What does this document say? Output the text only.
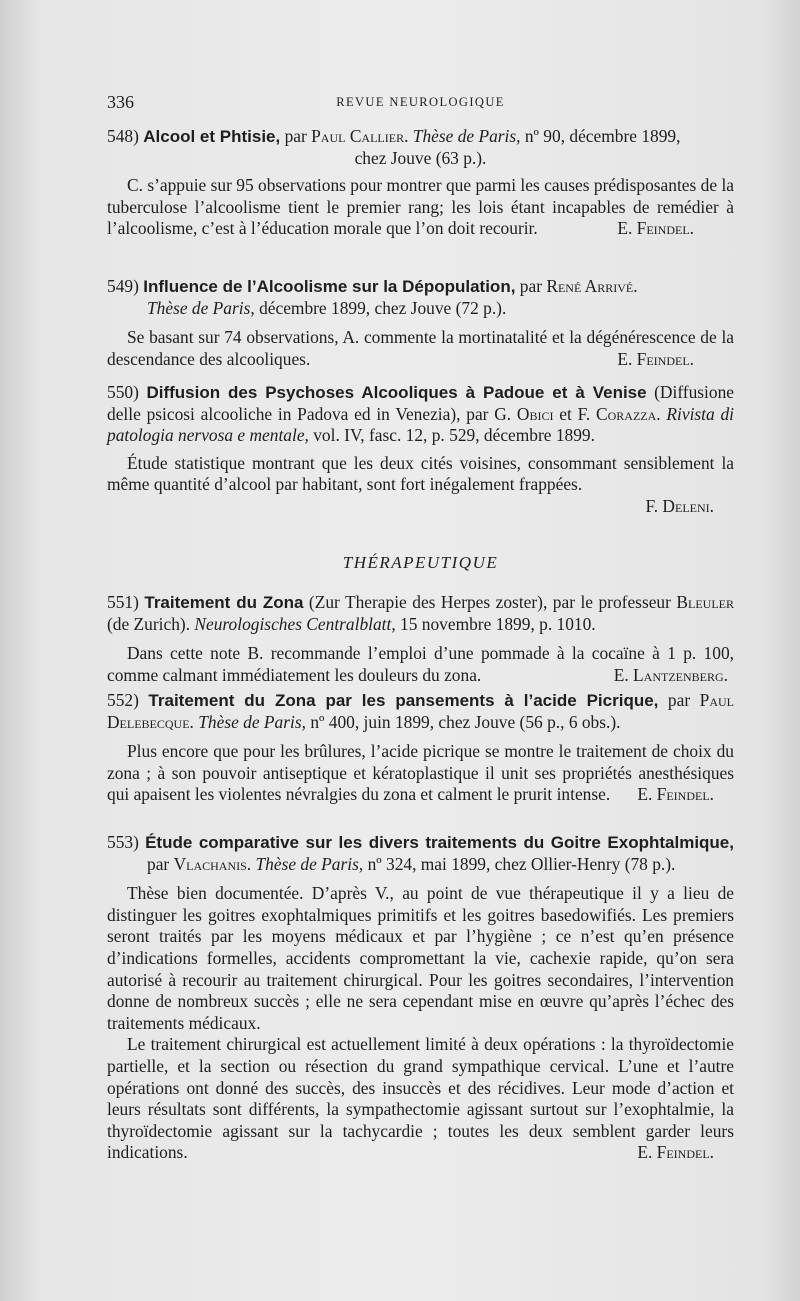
336	REVUE NEUROLOGIQUE

548) Alcool et Phtisie, par Paul Callier. Thèse de Paris, nº 90, décembre 1899,

chez Jouve (63 p.).

C. s’appuie sur 95 observations pour montrer que parmi les causes prédisposantes de la tuberculose l’alcoolisme tient le premier rang; les lois étant incapables de remédier à l’alcoolisme, c’est à l’éducation morale que l’on doit recourir.	E. Feindel.

549) Influence de l’Alcoolisme sur la Dépopulation, par René Arrivé.
Thèse de Paris, décembre 1899, chez Jouve (72 p.).

Se basant sur 74 observations, A. commente la mortinatalité et la dégénérescence de la descendance des alcooliques.	E. Feindel.

550) Diffusion des Psychoses Alcooliques à Padoue et à Venise (Diffusione delle psicosi alcooliche in Padova ed in Venezia), par G. Obici et F. Corazza. Rivista di patologia nervosa e mentale, vol. IV, fasc. 12, p. 529, décembre 1899.

Étude statistique montrant que les deux cités voisines, consommant sensiblement la même quantité d’alcool par habitant, sont fort inégalement frappées.

F. Deleni.

THÉRAPEUTIQUE

551) Traitement du Zona (Zur Therapie des Herpes zoster), par le professeur Bleuler (de Zurich). Neurologisches Centralblatt, 15 novembre 1899, p. 1010.

Dans cette note B. recommande l’emploi d’une pommade à la cocaïne à 1 p. 100, comme calmant immédiatement les douleurs du zona.	E. Lantzenberg.

552) Traitement du Zona par les pansements à l’acide Picrique, par Paul Delebecque. Thèse de Paris, nº 400, juin 1899, chez Jouve (56 p., 6 obs.).

Plus encore que pour les brûlures, l’acide picrique se montre le traitement de choix du zona ; à son pouvoir antiseptique et kératoplastique il unit ses propriétés anesthésiques qui apaisent les violentes névralgies du zona et calment le prurit intense.	E. Feindel.

553) Étude comparative sur les divers traitements du Goitre Exophtalmique, par Vlachanis. Thèse de Paris, nº 324, mai 1899, chez Ollier-Henry (78 p.).

Thèse bien documentée. D’après V., au point de vue thérapeutique il y a lieu de distinguer les goitres exophtalmiques primitifs et les goitres basedowifiés. Les premiers seront traités par les moyens médicaux et par l’hygiène ; ce n’est qu’en présence d’indications formelles, accidents compromettant la vie, cachexie rapide, qu’on sera autorisé à recourir au traitement chirurgical. Pour les goitres secondaires, l’intervention donne de nombreux succès ; elle ne sera cependant mise en œuvre qu’après l’échec des traitements médicaux.

Le traitement chirurgical est actuellement limité à deux opérations : la thyroïdectomie partielle, et la section ou résection du grand sympathique cervical. L’une et l’autre opérations ont donné des succès, des insuccès et des récidives. Leur mode d’action et leurs résultats sont différents, la sympathectomie agissant surtout sur l’exophtalmie, la thyroïdectomie agissant sur la tachycardie ; toutes les deux semblent garder leurs indications.	E. Feindel.
